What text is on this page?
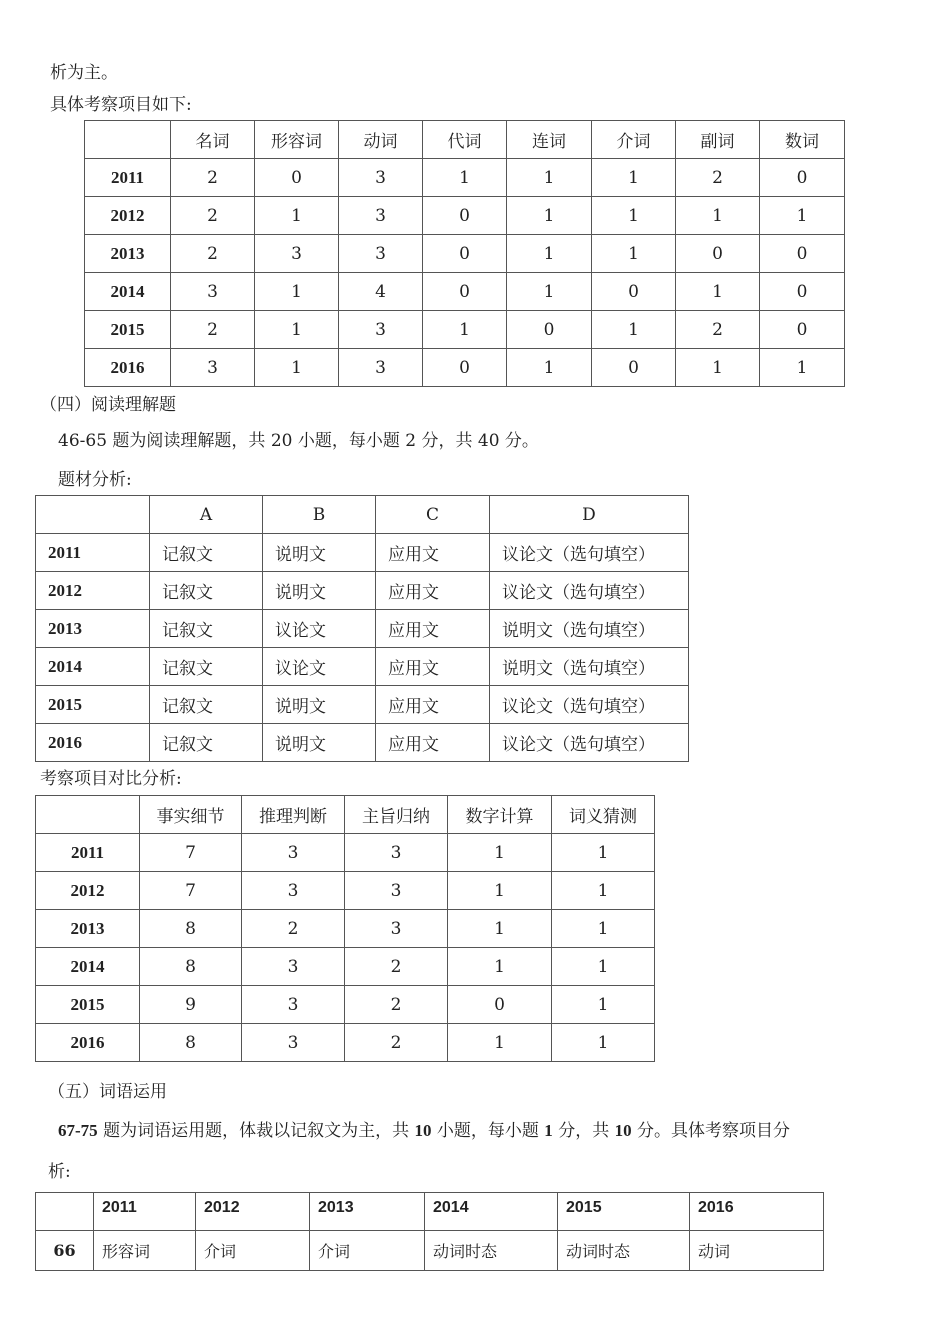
析为主。

具体考察项目如下:

	名词	形容词	动词	代词	连词	介词	副词	数词
2011	2	0	3	1	1	1	2	0
2012	2	1	3	0	1	1	1	1
2013	2	3	3	0	1	1	0	0
2014	3	1	4	0	1	0	1	0
2015	2	1	3	1	0	1	2	0
2016	3	1	3	0	1	0	1	1

（四）阅读理解题

46-65 题为阅读理解题，共 20 小题，每小题 2 分，共 40 分。

题材分析:

	A	B	C	D
2011	记叙文	说明文	应用文	议论文（选句填空）
2012	记叙文	说明文	应用文	议论文（选句填空）
2013	记叙文	议论文	应用文	说明文（选句填空）
2014	记叙文	议论文	应用文	说明文（选句填空）
2015	记叙文	说明文	应用文	议论文（选句填空）
2016	记叙文	说明文	应用文	议论文（选句填空）

考察项目对比分析:

	事实细节	推理判断	主旨归纳	数字计算	词义猜测
2011	7	3	3	1	1
2012	7	3	3	1	1
2013	8	2	3	1	1
2014	8	3	2	1	1
2015	9	3	2	0	1
2016	8	3	2	1	1

（五）词语运用

67-75 题为词语运用题，体裁以记叙文为主，共 10 小题，每小题 1 分，共 10 分。具体考察项目分

析:

	2011	2012	2013	2014	2015	2016
66	形容词	介词	介词	动词时态	动词时态	动词
